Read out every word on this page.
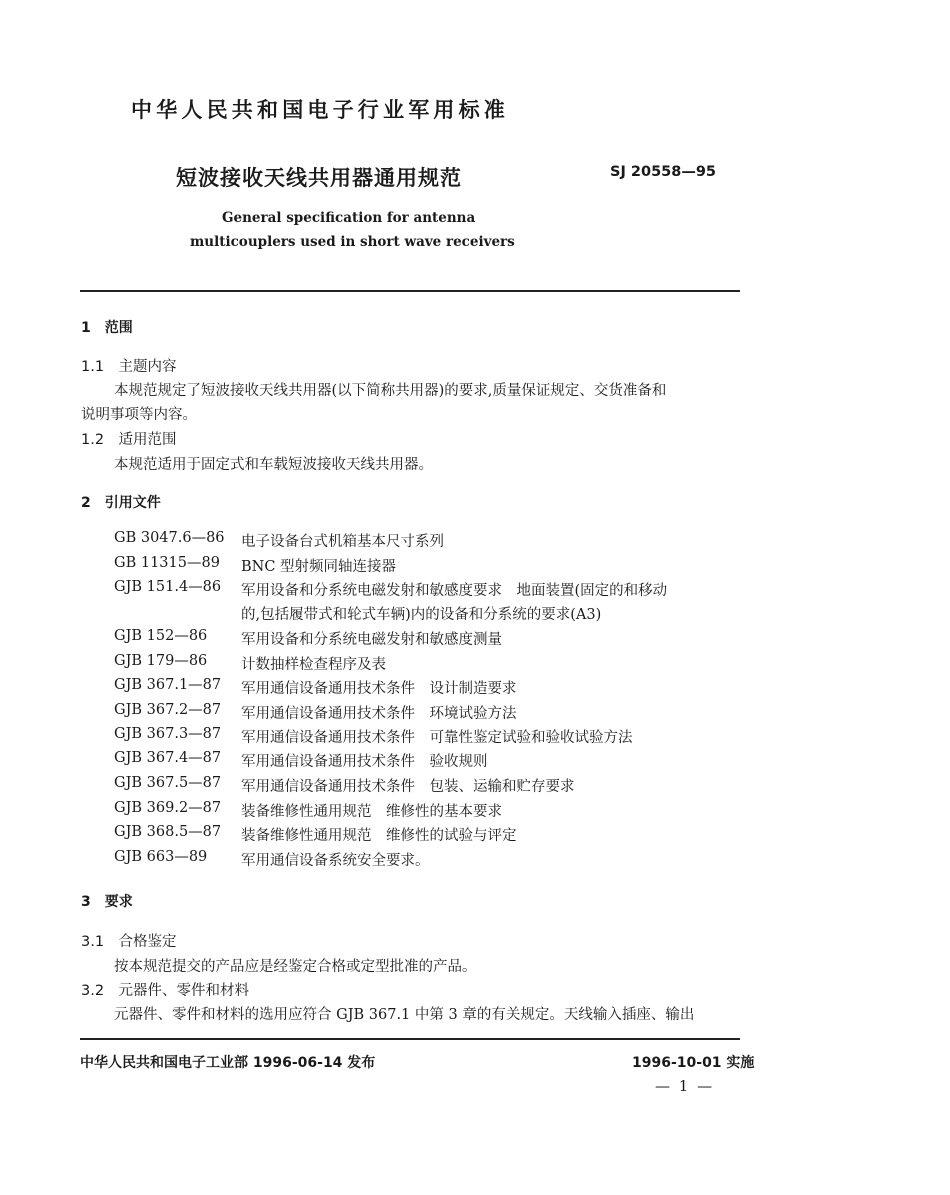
中华人民共和国电子行业军用标准
短波接收天线共用器通用规范	SJ 20558—95
General specification for antenna
multicouplers used in short wave receivers
1　范围
1.1　主题内容
本规范规定了短波接收天线共用器(以下简称共用器)的要求,质量保证规定、交货准备和
说明事项等内容。
1.2　适用范围
本规范适用于固定式和车载短波接收天线共用器。
2　引用文件
GB 3047.6—86 电子设备台式机箱基本尺寸系列
GB 11315—89 BNC 型射频同轴连接器
GJB 151.4—86 军用设备和分系统电磁发射和敏感度要求　地面装置(固定的和移动
的,包括履带式和轮式车辆)内的设备和分系统的要求(A3)
GJB 152—86 军用设备和分系统电磁发射和敏感度测量
GJB 179—86 计数抽样检查程序及表
GJB 367.1—87 军用通信设备通用技术条件　设计制造要求
GJB 367.2—87 军用通信设备通用技术条件　环境试验方法
GJB 367.3—87 军用通信设备通用技术条件　可靠性鉴定试验和验收试验方法
GJB 367.4—87 军用通信设备通用技术条件　验收规则
GJB 367.5—87 军用通信设备通用技术条件　包装、运输和贮存要求
GJB 369.2—87 装备维修性通用规范　维修性的基本要求
GJB 368.5—87 装备维修性通用规范　维修性的试验与评定
GJB 663—89 军用通信设备系统安全要求。
3　要求
3.1　合格鉴定
按本规范提交的产品应是经鉴定合格或定型批准的产品。
3.2　元器件、零件和材料
元器件、零件和材料的选用应符合 GJB 367.1 中第 3 章的有关规定。天线输入插座、输出
中华人民共和国电子工业部 1996-06-14 发布	1996-10-01 实施
— 1 —
